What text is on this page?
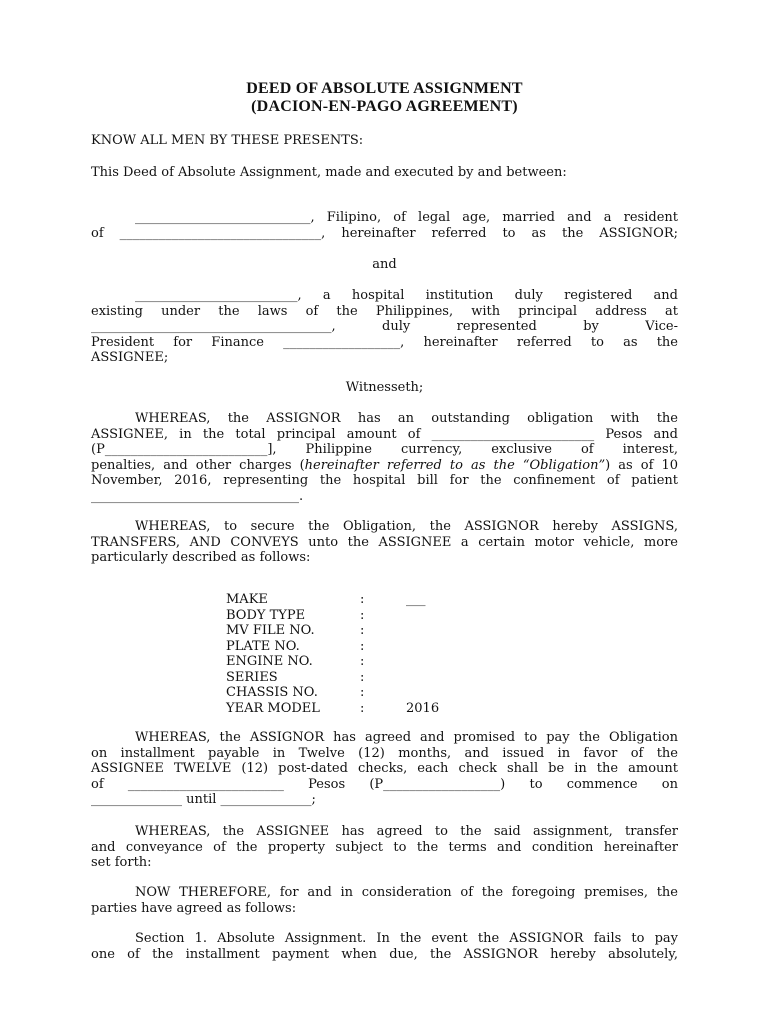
DEED OF ABSOLUTE ASSIGNMENT
(DACION-EN-PAGO AGREEMENT)
KNOW ALL MEN BY THESE PRESENTS:
This Deed of Absolute Assignment, made and executed by and between:
___________________________, Filipino, of legal age, married and a resident
of _______________________________, hereinafter referred to as the ASSIGNOR;
and
_________________________, a hospital institution duly registered and
existing under the laws of the Philippines, with principal address at
_____________________________________, duly represented by Vice-
President for Finance __________________, hereinafter referred to as the
ASSIGNEE;
Witnesseth;
WHEREAS, the ASSIGNOR has an outstanding obligation with the
ASSIGNEE, in the total principal amount of _________________________ Pesos and
(P_________________________], Philippine currency, exclusive of interest,
penalties, and other charges (hereinafter referred to as the “Obligation”) as of 10
November, 2016, representing the hospital bill for the confinement of patient
________________________________.
WHEREAS, to secure the Obligation, the ASSIGNOR hereby ASSIGNS,
TRANSFERS, AND CONVEYS unto the ASSIGNEE a certain motor vehicle, more
particularly described as follows:
MAKE	:	___
BODY TYPE	:
MV FILE NO.	:
PLATE NO.	:
ENGINE NO.	:
SERIES	:
CHASSIS NO.	:
YEAR MODEL	:	2016
WHEREAS, the ASSIGNOR has agreed and promised to pay the Obligation
on installment payable in Twelve (12) months, and issued in favor of the
ASSIGNEE TWELVE (12) post-dated checks, each check shall be in the amount
of ________________________ Pesos (P__________________) to commence on
______________ until ______________;
WHEREAS, the ASSIGNEE has agreed to the said assignment, transfer
and conveyance of the property subject to the terms and condition hereinafter
set forth:
NOW THEREFORE, for and in consideration of the foregoing premises, the
parties have agreed as follows:
Section 1. Absolute Assignment. In the event the ASSIGNOR fails to pay
one of the installment payment when due, the ASSIGNOR hereby absolutely,
